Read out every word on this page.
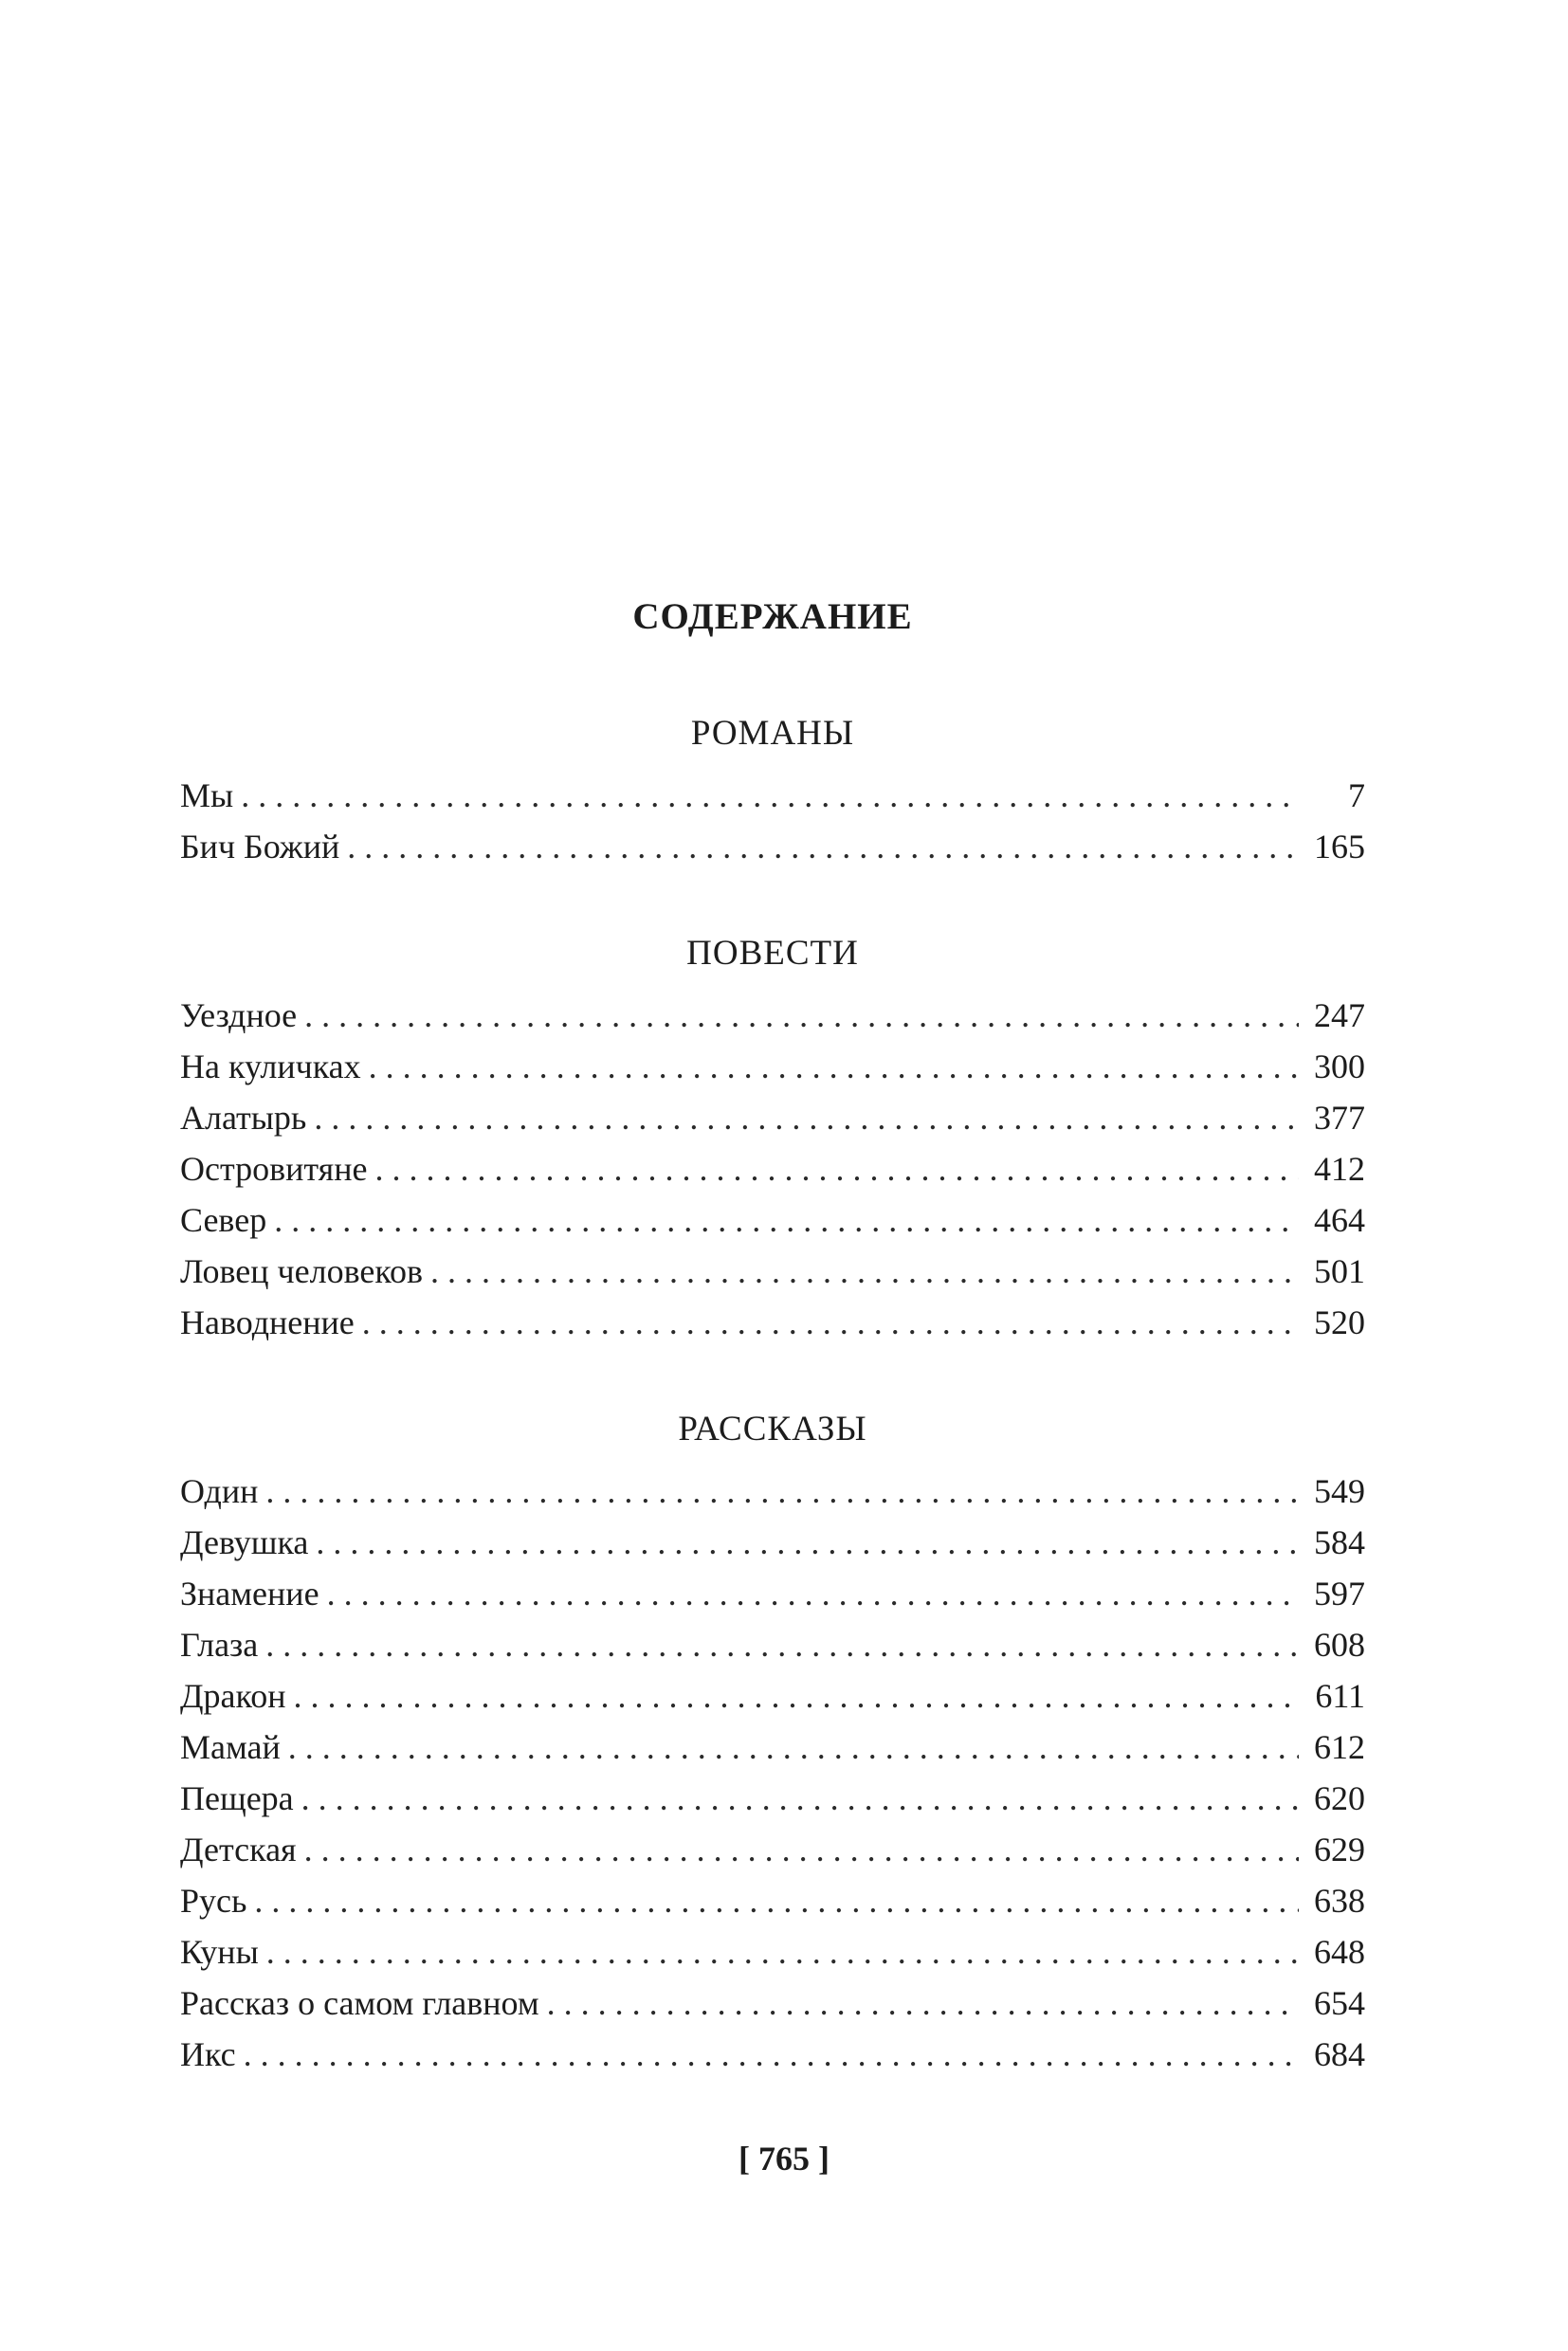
СОДЕРЖАНИЕ
РОМАНЫ
Мы . . .	7
Бич Божий . . .	165
ПОВЕСТИ
Уездное . . .	247
На куличках . . .	300
Алатырь . . .	377
Островитяне . . .	412
Север . . .	464
Ловец человеков . . .	501
Наводнение . . .	520
РАССКАЗЫ
Один . . .	549
Девушка . . .	584
Знамение . . .	597
Глаза . . .	608
Дракон . . .	611
Мамай . . .	612
Пещера . . .	620
Детская . . .	629
Русь . . .	638
Куны . . .	648
Рассказ о самом главном . . .	654
Икс . . .	684
[ 765 ]
